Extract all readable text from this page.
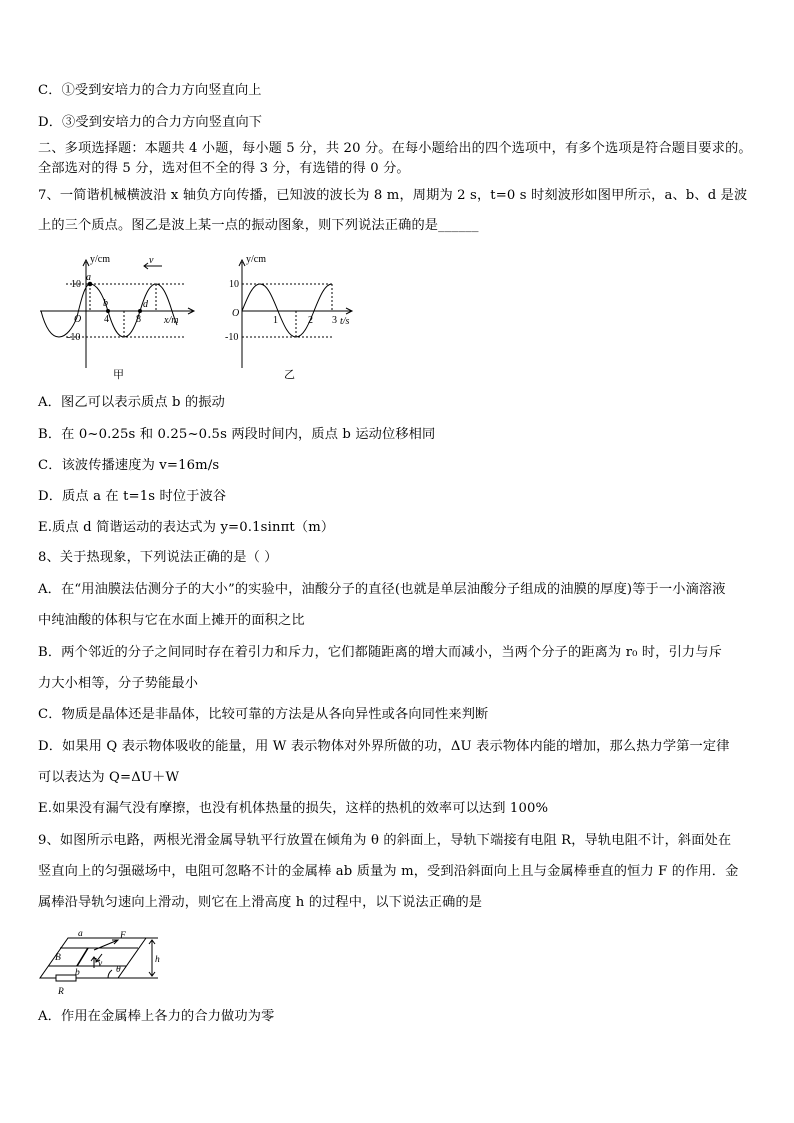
C．①受到安培力的合力方向竖直向上
D．③受到安培力的合力方向竖直向下
二、多项选择题：本题共 4 小题，每小题 5 分，共 20 分。在每小题给出的四个选项中，有多个选项是符合题目要求的。
全部选对的得 5 分，选对但不全的得 3 分，有选错的得 0 分。
7、一简谐机械横波沿 x 轴负方向传播，已知波的波长为 8 m，周期为 2 s，t=0 s 时刻波形如图甲所示，a、b、d 是波
上的三个质点。图乙是波上某一点的振动图象，则下列说法正确的是______
y/cm
x/m
O
10
-10
4	8
a
b	d
v
甲
y/cm
t/s
O
10
-10
1	2 3
乙
A．图乙可以表示质点 b 的振动
B．在 0~0.25s 和 0.25~0.5s 两段时间内，质点 b 运动位移相同
C．该波传播速度为 v=16m/s
D．质点 a 在 t=1s 时位于波谷
E.质点 d 简谐运动的表达式为 y=0.1sinπt（m）
8、关于热现象，下列说法正确的是（ ）
A．在“用油膜法估测分子的大小”的实验中，油酸分子的直径(也就是单层油酸分子组成的油膜的厚度)等于一小滴溶液
中纯油酸的体积与它在水面上摊开的面积之比
B．两个邻近的分子之间同时存在着引力和斥力，它们都随距离的增大而减小，当两个分子的距离为 r₀ 时，引力与斥
力大小相等，分子势能最小
C．物质是晶体还是非晶体，比较可靠的方法是从各向异性或各向同性来判断
D．如果用 Q 表示物体吸收的能量，用 W 表示物体对外界所做的功，ΔU 表示物体内能的增加，那么热力学第一定律
可以表达为 Q=ΔU＋W
E.如果没有漏气没有摩擦，也没有机体热量的损失，这样的热机的效率可以达到 100%
9、如图所示电路，两根光滑金属导轨平行放置在倾角为 θ 的斜面上，导轨下端接有电阻 R，导轨电阻不计，斜面处在
竖直向上的匀强磁场中，电阻可忽略不计的金属棒 ab 质量为 m，受到沿斜面向上且与金属棒垂直的恒力 F 的作用．金
属棒沿导轨匀速向上滑动，则它在上滑高度 h 的过程中，以下说法正确的是
a
b
B
F
v	h
θ
R
A．作用在金属棒上各力的合力做功为零
